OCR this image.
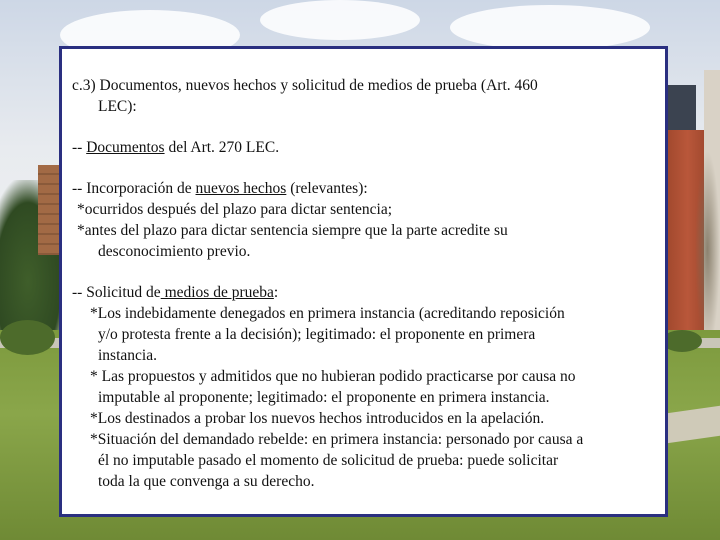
c.3) Documentos, nuevos hechos y solicitud de medios de prueba (Art. 460
LEC):

-- Documentos del Art. 270 LEC.

-- Incorporación de nuevos hechos (relevantes):

*ocurridos después del plazo para dictar sentencia;

*antes del plazo para dictar sentencia siempre que la parte acredite su

desconocimiento previo.

-- Solicitud de medios de prueba:

*Los indebidamente denegados en primera instancia (acreditando reposición

y/o protesta frente a la decisión); legitimado: el proponente en primera

instancia.

* Las propuestos y admitidos que no hubieran podido practicarse por causa no

imputable al proponente; legitimado: el proponente en primera instancia.

*Los destinados a probar los nuevos hechos introducidos en la apelación.

*Situación del demandado rebelde: en primera instancia: personado por causa a

él no imputable pasado el momento de solicitud de prueba: puede solicitar

toda la que convenga a su derecho.
